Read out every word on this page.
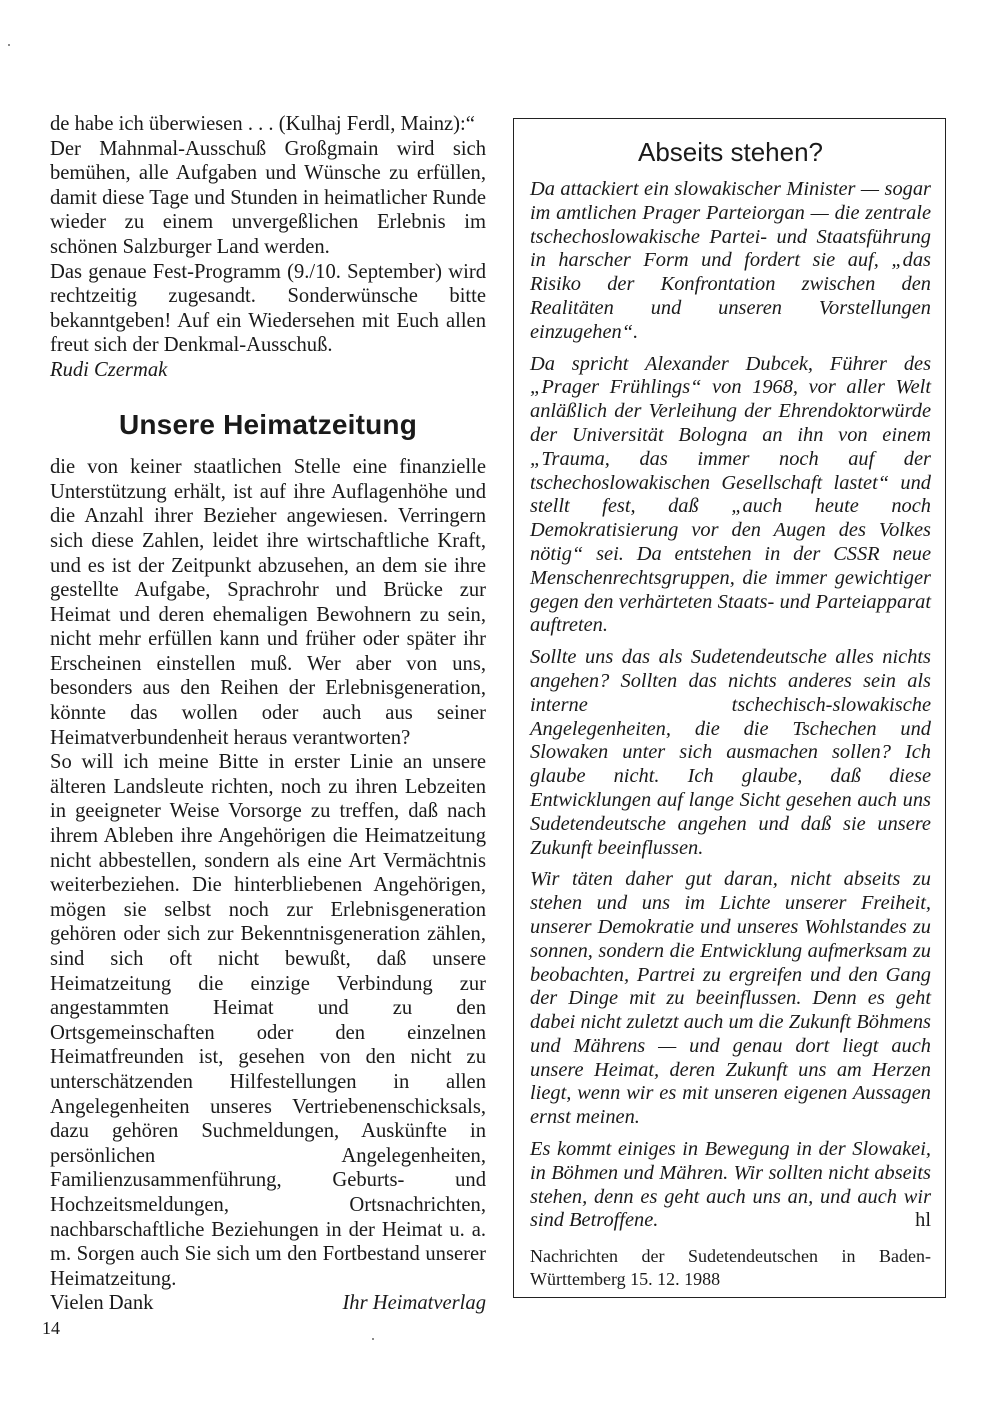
de habe ich überwiesen . . . (Kulhaj Ferdl, Mainz):“

Der Mahnmal-Ausschuß Großgmain wird sich bemühen, alle Aufgaben und Wünsche zu erfüllen, damit diese Tage und Stunden in heimatlicher Runde wieder zu einem unvergeßlichen Erlebnis im schönen Salzburger Land werden.

Das genaue Fest-Programm (9./10. September) wird rechtzeitig zugesandt. Sonderwünsche bitte bekanntgeben! Auf ein Wiedersehen mit Euch allen freut sich der Denkmal-Ausschuß.

Rudi Czermak

Unsere Heimatzeitung

die von keiner staatlichen Stelle eine finanzielle Unterstützung erhält, ist auf ihre Auflagenhöhe und die Anzahl ihrer Bezieher angewiesen. Verringern sich diese Zahlen, leidet ihre wirtschaftliche Kraft, und es ist der Zeitpunkt abzusehen, an dem sie ihre gestellte Aufgabe, Sprachrohr und Brücke zur Heimat und deren ehemaligen Bewohnern zu sein, nicht mehr erfüllen kann und früher oder später ihr Erscheinen einstellen muß. Wer aber von uns, besonders aus den Reihen der Erlebnisgeneration, könnte das wollen oder auch aus seiner Heimatverbundenheit heraus verantworten?

So will ich meine Bitte in erster Linie an unsere älteren Landsleute richten, noch zu ihren Lebzeiten in geeigneter Weise Vorsorge zu treffen, daß nach ihrem Ableben ihre Angehörigen die Heimatzeitung nicht abbestellen, sondern als eine Art Vermächtnis weiterbeziehen. Die hinterbliebenen Angehörigen, mögen sie selbst noch zur Erlebnisgeneration gehören oder sich zur Bekenntnisgeneration zählen, sind sich oft nicht bewußt, daß unsere Heimatzeitung die einzige Verbindung zur angestammten Heimat und zu den Ortsgemeinschaften oder den einzelnen Heimatfreunden ist, gesehen von den nicht zu unterschätzenden Hilfestellungen in allen Angelegenheiten unseres Vertriebenenschicksals, dazu gehören Suchmeldungen, Auskünfte in persönlichen Angelegenheiten, Familienzusammenführung, Geburts- und Hochzeitsmeldungen, Ortsnachrichten, nachbarschaftliche Beziehungen in der Heimat u. a. m. Sorgen auch Sie sich um den Fortbestand unserer Heimatzeitung.

Vielen Dank	Ihr Heimatverlag
Abseits stehen?

Da attackiert ein slowakischer Minister — sogar im amtlichen Prager Parteiorgan — die zentrale tschechoslowakische Partei- und Staatsführung in harscher Form und fordert sie auf, „das Risiko der Konfrontation zwischen den Realitäten und unseren Vorstellungen einzugehen“.

Da spricht Alexander Dubcek, Führer des „Prager Frühlings“ von 1968, vor aller Welt anläßlich der Verleihung der Ehrendoktorwürde der Universität Bologna an ihn von einem „Trauma, das immer noch auf der tschechoslowakischen Gesellschaft lastet“ und stellt fest, daß „auch heute noch Demokratisierung vor den Augen des Volkes nötig“ sei. Da entstehen in der CSSR neue Menschenrechtsgruppen, die immer gewichtiger gegen den verhärteten Staats- und Parteiapparat auftreten.

Sollte uns das als Sudetendeutsche alles nichts angehen? Sollten das nichts anderes sein als interne tschechisch-slowakische Angelegenheiten, die die Tschechen und Slowaken unter sich ausmachen sollen? Ich glaube nicht. Ich glaube, daß diese Entwicklungen auf lange Sicht gesehen auch uns Sudetendeutsche angehen und daß sie unsere Zukunft beeinflussen.

Wir täten daher gut daran, nicht abseits zu stehen und uns im Lichte unserer Freiheit, unserer Demokratie und unseres Wohlstandes zu sonnen, sondern die Entwicklung aufmerksam zu beobachten, Partrei zu ergreifen und den Gang der Dinge mit zu beeinflussen. Denn es geht dabei nicht zuletzt auch um die Zukunft Böhmens und Mährens — und genau dort liegt auch unsere Heimat, deren Zukunft uns am Herzen liegt, wenn wir es mit unseren eigenen Aussagen ernst meinen.

Es kommt einiges in Bewegung in der Slowakei, in Böhmen und Mähren. Wir sollten nicht abseits stehen, denn es geht auch uns an, und auch wir sind Betroffene.	hl

Nachrichten der Sudetendeutschen in Baden-Württemberg 15. 12. 1988
14
